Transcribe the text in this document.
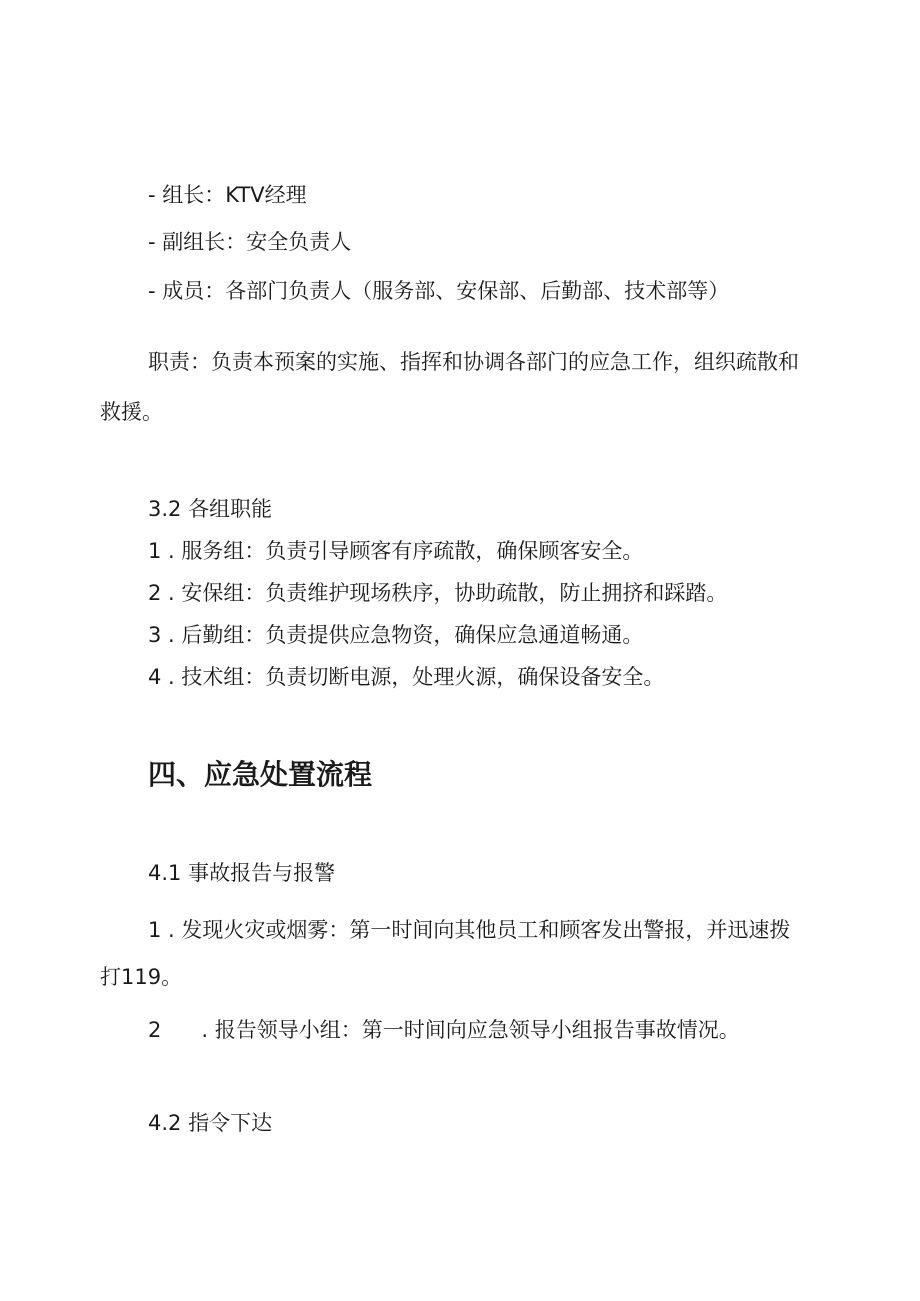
- 组长：KTV经理
- 副组长：安全负责人
- 成员：各部门负责人（服务部、安保部、后勤部、技术部等）
职责：负责本预案的实施、指挥和协调各部门的应急工作，组织疏散和
救援。
3.2 各组职能
1 . 服务组：负责引导顾客有序疏散，确保顾客安全。
2 . 安保组：负责维护现场秩序，协助疏散，防止拥挤和踩踏。
3 . 后勤组：负责提供应急物资，确保应急通道畅通。
4 . 技术组：负责切断电源，处理火源，确保设备安全。
四、应急处置流程
4.1 事故报告与报警
1 . 发现火灾或烟雾：第一时间向其他员工和顾客发出警报，并迅速拨
打119。
2      . 报告领导小组：第一时间向应急领导小组报告事故情况。
4.2 指令下达
